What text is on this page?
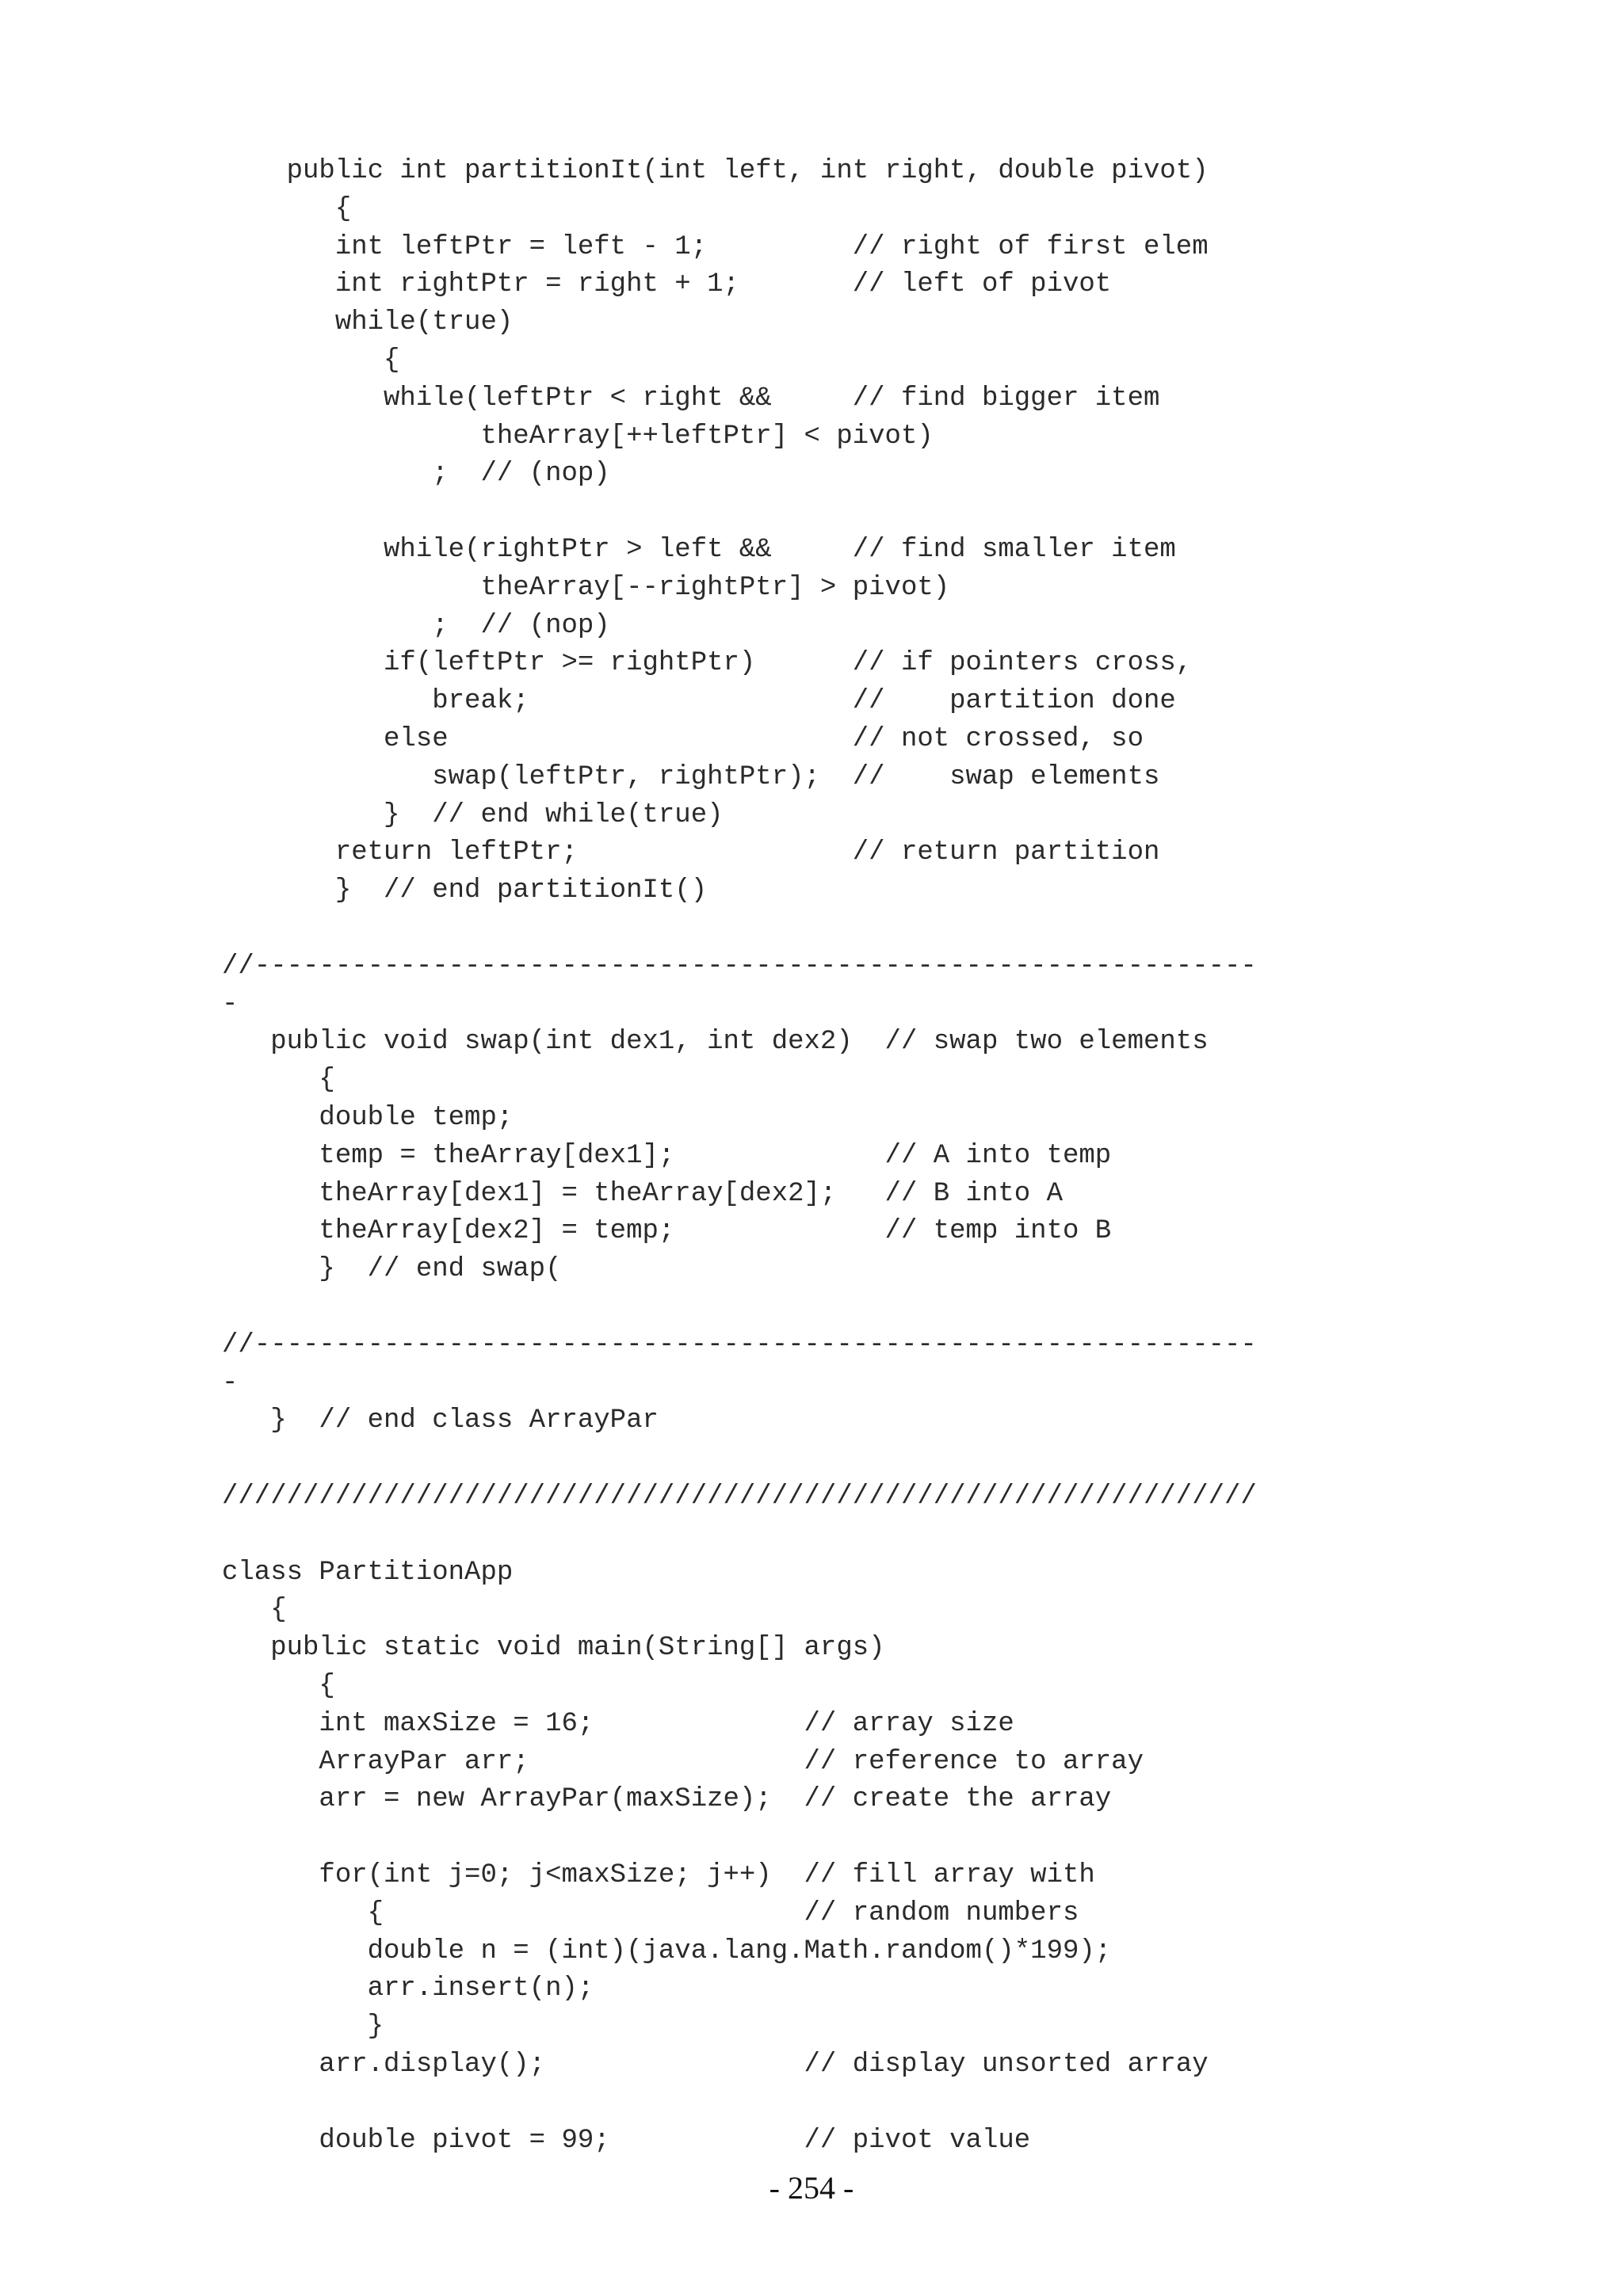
public int partitionIt(int left, int right, double pivot)
{
int leftPtr = left - 1;         // right of first elem
int rightPtr = right + 1;       // left of pivot
while(true)
{
while(leftPtr < right &&     // find bigger item
theArray[++leftPtr] < pivot)
;  // (nop)
while(rightPtr > left &&     // find smaller item
theArray[--rightPtr] > pivot)
;  // (nop)
if(leftPtr >= rightPtr)      // if pointers cross,
break;                    //    partition done
else                         // not crossed, so
swap(leftPtr, rightPtr);  //    swap elements
}  // end while(true)
return leftPtr;                 // return partition
}  // end partitionIt()
//--------------------------------------------------------------
-
public void swap(int dex1, int dex2)  // swap two elements
{
double temp;
temp = theArray[dex1];             // A into temp
theArray[dex1] = theArray[dex2];   // B into A
theArray[dex2] = temp;             // temp into B
}  // end swap(
//--------------------------------------------------------------
-
}  // end class ArrayPar
////////////////////////////////////////////////////////////////
class PartitionApp
{
public static void main(String[] args)
{
int maxSize = 16;             // array size
ArrayPar arr;                 // reference to array
arr = new ArrayPar(maxSize);  // create the array
for(int j=0; j<maxSize; j++)  // fill array with
{                          // random numbers
double n = (int)(java.lang.Math.random()*199);
arr.insert(n);
}
arr.display();                // display unsorted array
double pivot = 99;            // pivot value
- 254 -
